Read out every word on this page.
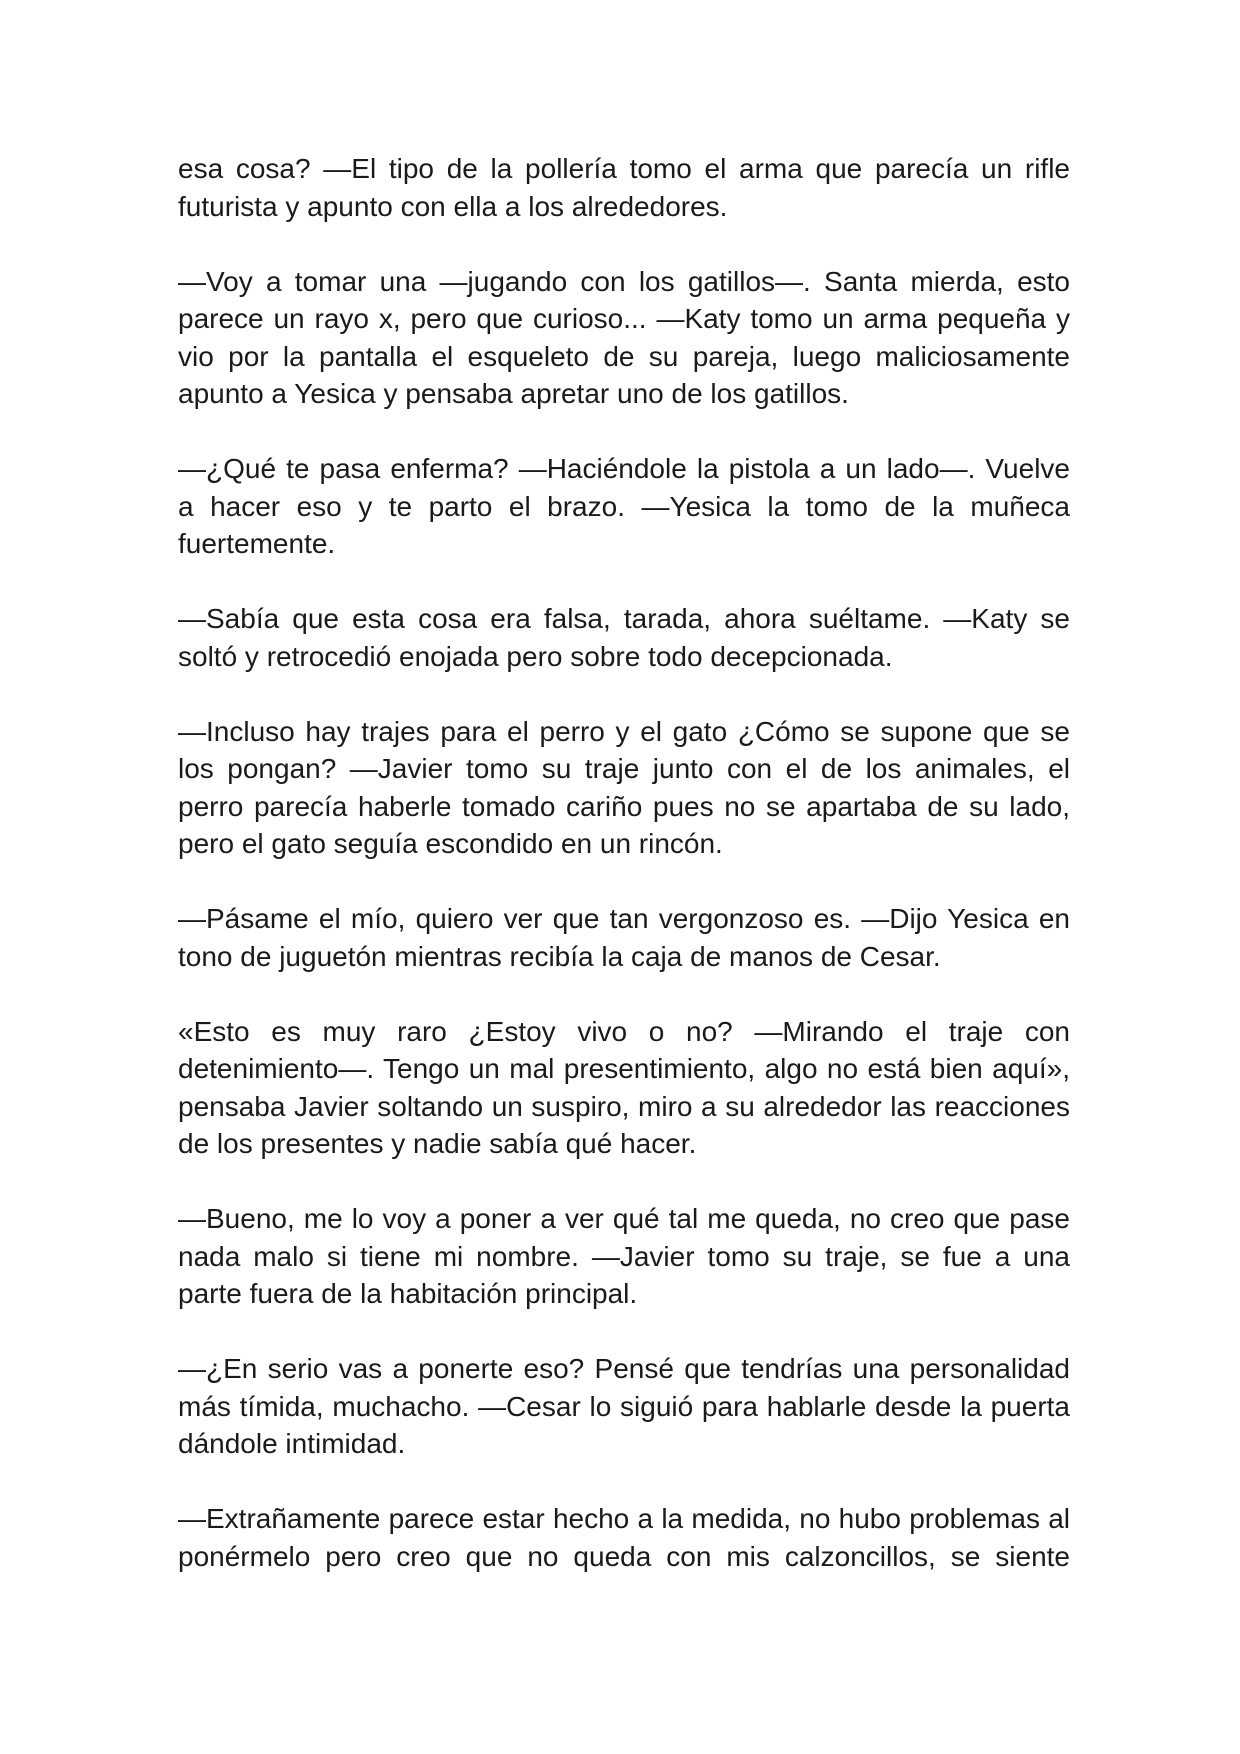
esa cosa? —El tipo de la pollería tomo el arma que parecía un rifle futurista y apunto con ella a los alrededores.

—Voy a tomar una —jugando con los gatillos—. Santa mierda, esto parece un rayo x, pero que curioso... —Katy tomo un arma pequeña y vio por la pantalla el esqueleto de su pareja, luego maliciosamente apunto a Yesica y pensaba apretar uno de los gatillos.

—¿Qué te pasa enferma? —Haciéndole la pistola a un lado—. Vuelve a hacer eso y te parto el brazo. —Yesica la tomo de la muñeca fuertemente.

—Sabía que esta cosa era falsa, tarada, ahora suéltame. —Katy se soltó y retrocedió enojada pero sobre todo decepcionada.

—Incluso hay trajes para el perro y el gato ¿Cómo se supone que se los pongan? —Javier tomo su traje junto con el de los animales, el perro parecía haberle tomado cariño pues no se apartaba de su lado, pero el gato seguía escondido en un rincón.

—Pásame el mío, quiero ver que tan vergonzoso es. —Dijo Yesica en tono de juguetón mientras recibía la caja de manos de Cesar.

«Esto es muy raro ¿Estoy vivo o no? —Mirando el traje con detenimiento—. Tengo un mal presentimiento, algo no está bien aquí», pensaba Javier soltando un suspiro, miro a su alrededor las reacciones de los presentes y nadie sabía qué hacer.

—Bueno, me lo voy a poner a ver qué tal me queda, no creo que pase nada malo si tiene mi nombre. —Javier tomo su traje, se fue a una parte fuera de la habitación principal.

—¿En serio vas a ponerte eso? Pensé que tendrías una personalidad más tímida, muchacho. —Cesar lo siguió para hablarle desde la puerta dándole intimidad.

—Extrañamente parece estar hecho a la medida, no hubo problemas al ponérmelo pero creo que no queda con mis calzoncillos, se siente
